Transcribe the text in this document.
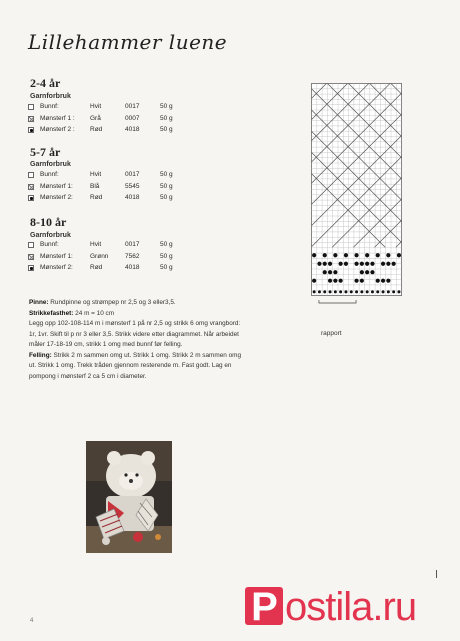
Lillehammer luene
2-4 år
Garnforbruk
Bunnf:	Hvit	0017	50 g
Mønsterf 1 : Grå	0007	50 g
Mønsterf 2 : Rød	4018	50 g
5-7 år
Garnforbruk
Bunnf:	Hvit	0017	50 g
Mønsterf 1:	Blå	5545	50 g
Mønsterf 2:	Rød	4018	50 g
8-10 år
Garnforbruk
Bunnf:	Hvit	0017	50 g
Mønsterf 1:	Grønn	7562	50 g
Mønsterf 2:	Rød	4018	50 g

Pinne: Rundpinne og strømpep nr 2,5 og 3 eller3,5.

Strikkefasthet: 24 m = 10 cm

Legg opp 102-108-114 m i mønsterf 1 på nr 2,5 og strikk 6 omg vrangbord: 1r, 1vr. Skift til p nr 3 eller 3,5. Strikk videre etter diagrammet. Når arbeidet måler 17-18-19 cm, strikk 1 omg med bunnf før felling.

Felling: Strikk 2 m sammen omg ut. Strikk 1 omg. Strikk 2 m sammen omg ut. Strikk 1 omg. Trekk tråden gjennom resterende m. Fast godt. Lag en pompong i mønsterf 2 ca 5 cm i diameter.

rapport
4	P ostila.ru
